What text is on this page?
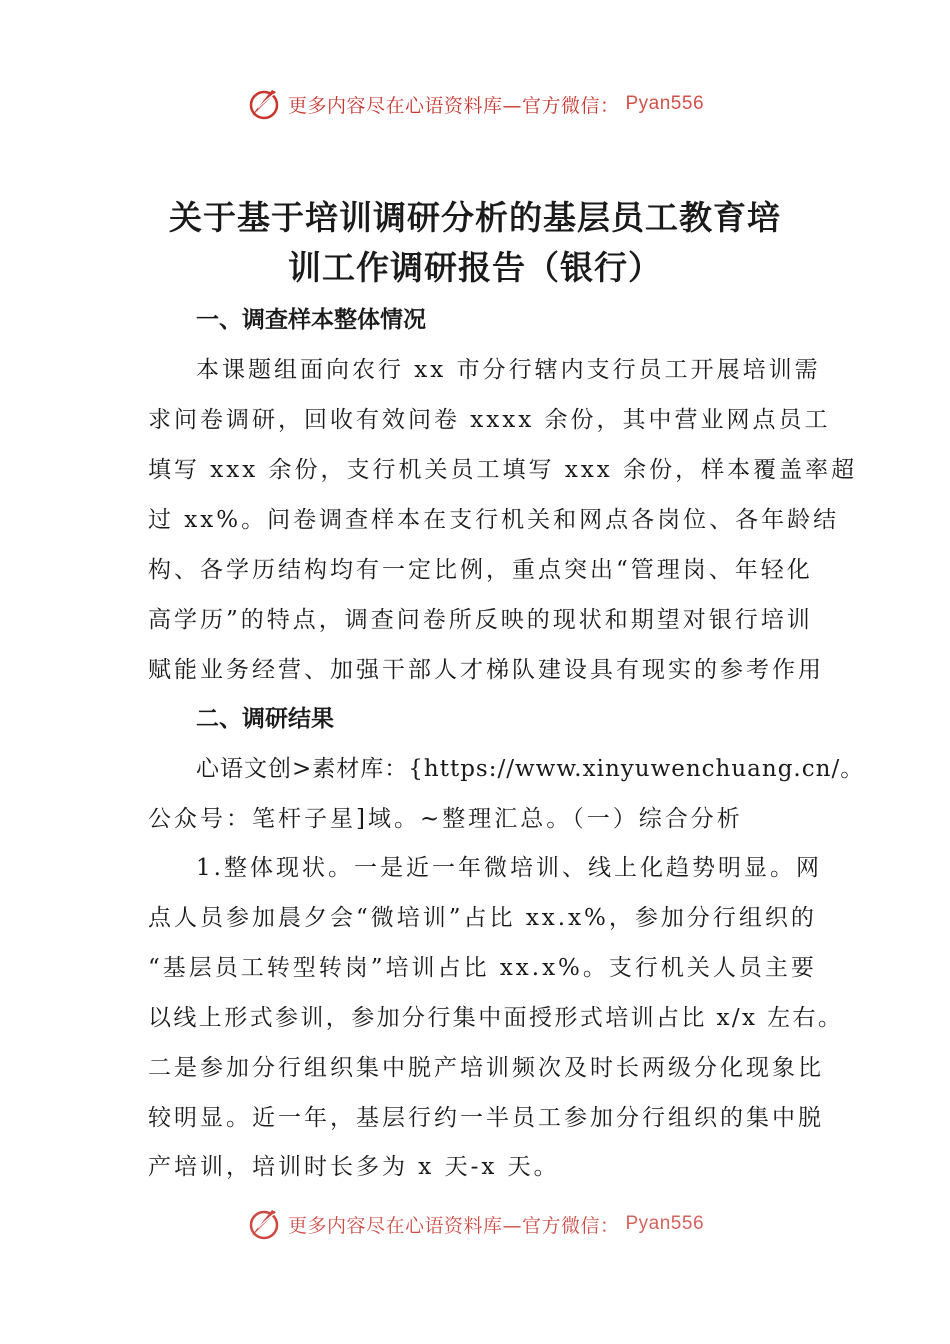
更多内容尽在心语资料库—官方微信： Pyan556
关于基于培训调研分析的基层员工教育培
训工作调研报告（银行）
一、调查样本整体情况
本课题组面向农行 xx 市分行辖内支行员工开展培训需
求问卷调研，回收有效问卷 xxxx 余份，其中营业网点员工
填写 xxx 余份，支行机关员工填写 xxx 余份，样本覆盖率超
过 xx%。问卷调查样本在支行机关和网点各岗位、各年龄结
构、各学历结构均有一定比例，重点突出“管理岗、年轻化
高学历”的特点，调查问卷所反映的现状和期望对银行培训
赋能业务经营、加强干部人才梯队建设具有现实的参考作用
二、调研结果
心语文创>素材库：{https://www.xinyuwenchuang.cn/。
公众号：笔杆子星]域。~整理汇总。（一）综合分析
1.整体现状。一是近一年微培训、线上化趋势明显。网
点人员参加晨夕会“微培训”占比 xx.x%，参加分行组织的
“基层员工转型转岗”培训占比 xx.x%。支行机关人员主要
以线上形式参训，参加分行集中面授形式培训占比 x/x 左右。
二是参加分行组织集中脱产培训频次及时长两级分化现象比
较明显。近一年，基层行约一半员工参加分行组织的集中脱
产培训，培训时长多为 x 天-x 天。
更多内容尽在心语资料库—官方微信： Pyan556
